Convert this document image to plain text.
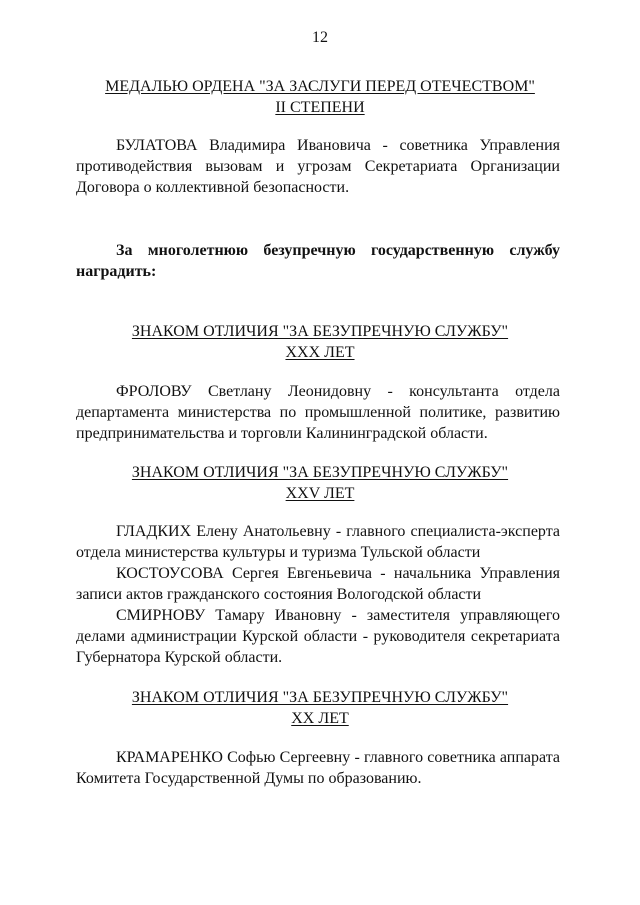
12
МЕДАЛЬЮ ОРДЕНА "ЗА ЗАСЛУГИ ПЕРЕД ОТЕЧЕСТВОМ"
II СТЕПЕНИ
БУЛАТОВА Владимира Ивановича - советника Управления противодействия вызовам и угрозам Секретариата Организации Договора о коллективной безопасности.
За многолетнюю безупречную государственную службу наградить:
ЗНАКОМ ОТЛИЧИЯ "ЗА БЕЗУПРЕЧНУЮ СЛУЖБУ"
XXX ЛЕТ
ФРОЛОВУ Светлану Леонидовну - консультанта отдела департамента министерства по промышленной политике, развитию предпринимательства и торговли Калининградской области.
ЗНАКОМ ОТЛИЧИЯ "ЗА БЕЗУПРЕЧНУЮ СЛУЖБУ"
XXV ЛЕТ
ГЛАДКИХ Елену Анатольевну - главного специалиста-эксперта отдела министерства культуры и туризма Тульской области
КОСТОУСОВА Сергея Евгеньевича - начальника Управления записи актов гражданского состояния Вологодской области
СМИРНОВУ Тамару Ивановну - заместителя управляющего делами администрации Курской области - руководителя секретариата Губернатора Курской области.
ЗНАКОМ ОТЛИЧИЯ "ЗА БЕЗУПРЕЧНУЮ СЛУЖБУ"
XX ЛЕТ
КРАМАРЕНКО Софью Сергеевну - главного советника аппарата Комитета Государственной Думы по образованию.
